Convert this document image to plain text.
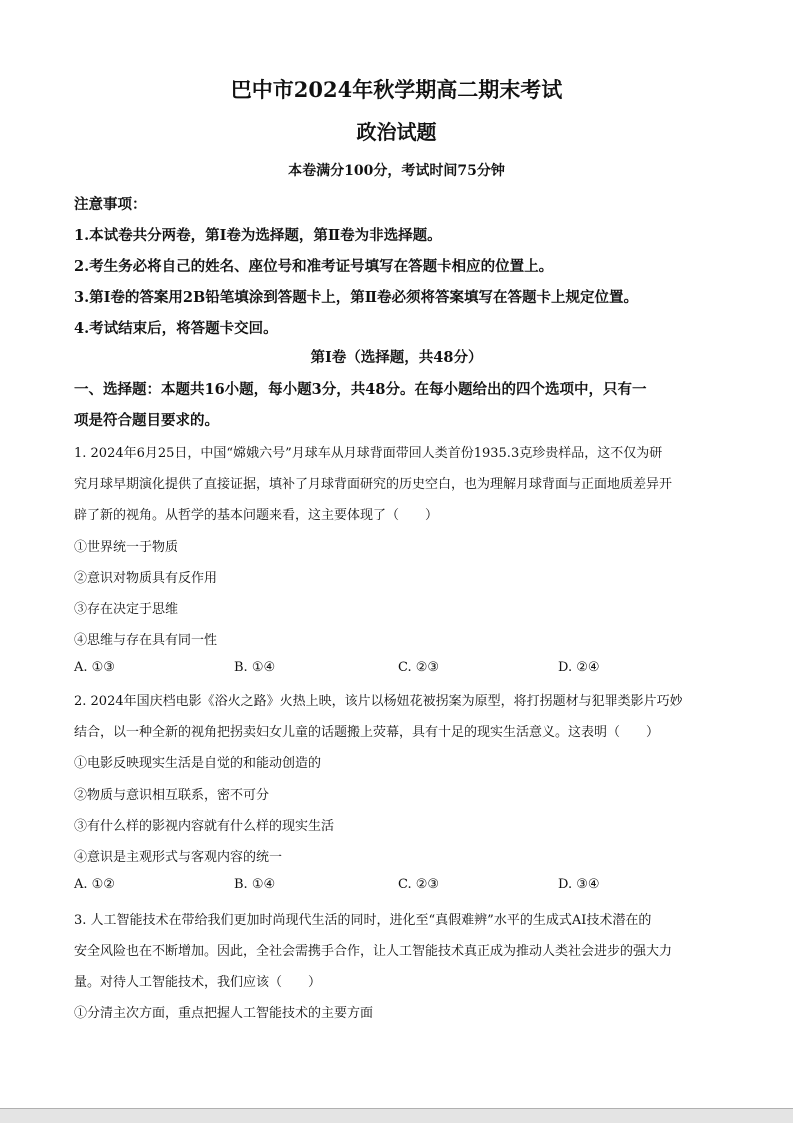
巴中市2024年秋学期高二期末考试
政治试题
本卷满分100分，考试时间75分钟
注意事项：
1.本试卷共分两卷，第Ⅰ卷为选择题，第Ⅱ卷为非选择题。
2.考生务必将自己的姓名、座位号和准考证号填写在答题卡相应的位置上。
3.第Ⅰ卷的答案用2B铅笔填涂到答题卡上，第Ⅱ卷必须将答案填写在答题卡上规定位置。
4.考试结束后，将答题卡交回。
第Ⅰ卷（选择题，共48分）
一、选择题：本题共16小题，每小题3分，共48分。在每小题给出的四个选项中，只有一
项是符合题目要求的。
1. 2024年6月25日，中国“嫦娥六号”月球车从月球背面带回人类首份1935.3克珍贵样品，这不仅为研
究月球早期演化提供了直接证据，填补了月球背面研究的历史空白，也为理解月球背面与正面地质差异开
辟了新的视角。从哲学的基本问题来看，这主要体现了（　　）
①世界统一于物质
②意识对物质具有反作用
③存在决定于思维
④思维与存在具有同一性
A. ①③	B. ①④	C. ②③	D. ②④
2. 2024年国庆档电影《浴火之路》火热上映，该片以杨妞花被拐案为原型，将打拐题材与犯罪类影片巧妙
结合，以一种全新的视角把拐卖妇女儿童的话题搬上荧幕，具有十足的现实生活意义。这表明（　　）
①电影反映现实生活是自觉的和能动创造的
②物质与意识相互联系，密不可分
③有什么样的影视内容就有什么样的现实生活
④意识是主观形式与客观内容的统一
A. ①②	B. ①④	C. ②③	D. ③④
3. 人工智能技术在带给我们更加时尚现代生活的同时，进化至“真假难辨”水平的生成式AI技术潜在的
安全风险也在不断增加。因此，全社会需携手合作，让人工智能技术真正成为推动人类社会进步的强大力
量。对待人工智能技术，我们应该（　　）
①分清主次方面，重点把握人工智能技术的主要方面
